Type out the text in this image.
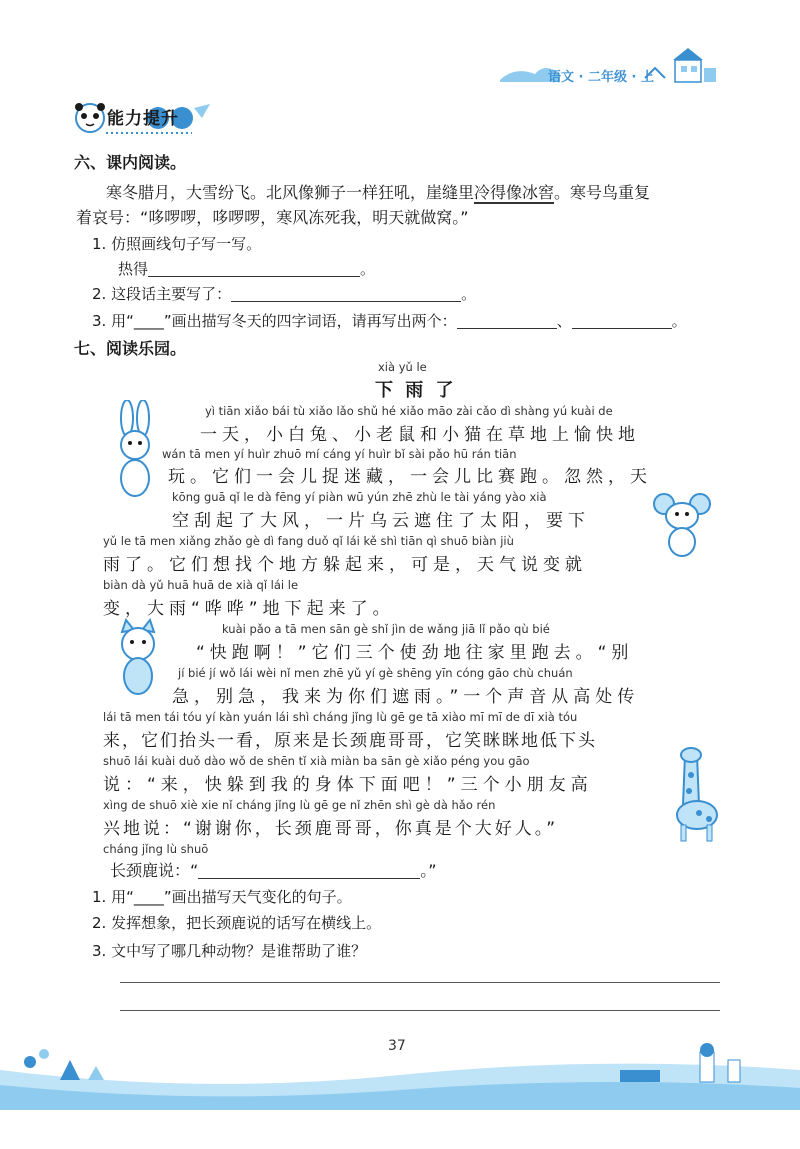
语文 · 二年级 · 上
能力提升
六、课内阅读。
寒冬腊月，大雪纷飞。北风像狮子一样狂吼，崖缝里冷得像冰窖。寒号鸟重复
着哀号：“哆啰啰，哆啰啰，寒风冻死我，明天就做窝。”
1. 仿照画线句子写一写。
热得	。
2. 这段话主要写了：	。
3. 用“____”画出描写冬天的四字词语，请再写出两个：	、	。
七、阅读乐园。
xià yǔ le
下 雨 了
yì tiān xiǎo bái tù xiǎo lǎo shǔ hé xiǎo māo zài cǎo dì shàng yú kuài de
一天，小白兔、小老鼠和小猫在草地上愉快地
wán tā men yí huìr zhuō mí cáng yí huìr bǐ sài pǎo hū rán tiān
玩。它们一会儿捉迷藏，一会儿比赛跑。忽然，天
kōng guā qǐ le dà fēng yí piàn wū yún zhē zhù le tài yáng yào xià
空刮起了大风，一片乌云遮住了太阳，要下
yǔ le tā men xiǎng zhǎo gè dì fang duǒ qǐ lái kě shì tiān qì shuō biàn jiù
雨了。它们想找个地方躲起来，可是，天气说变就
biàn dà yǔ huā huā de xià qǐ lái le
变，大雨“哗哗”地下起来了。
kuài pǎo a tā men sān gè shǐ jìn de wǎng jiā lǐ pǎo qù bié
“快跑啊！”它们三个使劲地往家里跑去。“别
jí bié jí wǒ lái wèi nǐ men zhē yǔ yí gè shēng yīn cóng gāo chù chuán
急，别急，我来为你们遮雨。”一个声音从高处传
lái tā men tái tóu yí kàn yuán lái shì cháng jǐng lù gē ge tā xiào mī mī de dī xià tóu
来，它们抬头一看，原来是长颈鹿哥哥，它笑眯眯地低下头
shuō lái kuài duǒ dào wǒ de shēn tǐ xià miàn ba sān gè xiǎo péng you gāo
说：“来，快躲到我的身体下面吧！”三个小朋友高
xìng de shuō xiè xie nǐ cháng jǐng lù gē ge nǐ zhēn shì gè dà hǎo rén
兴地说：“谢谢你，长颈鹿哥哥，你真是个大好人。”
cháng jǐng lù shuō
长颈鹿说：“	。”
1. 用“____”画出描写天气变化的句子。
2. 发挥想象，把长颈鹿说的话写在横线上。
3. 文中写了哪几种动物？是谁帮助了谁？
37
